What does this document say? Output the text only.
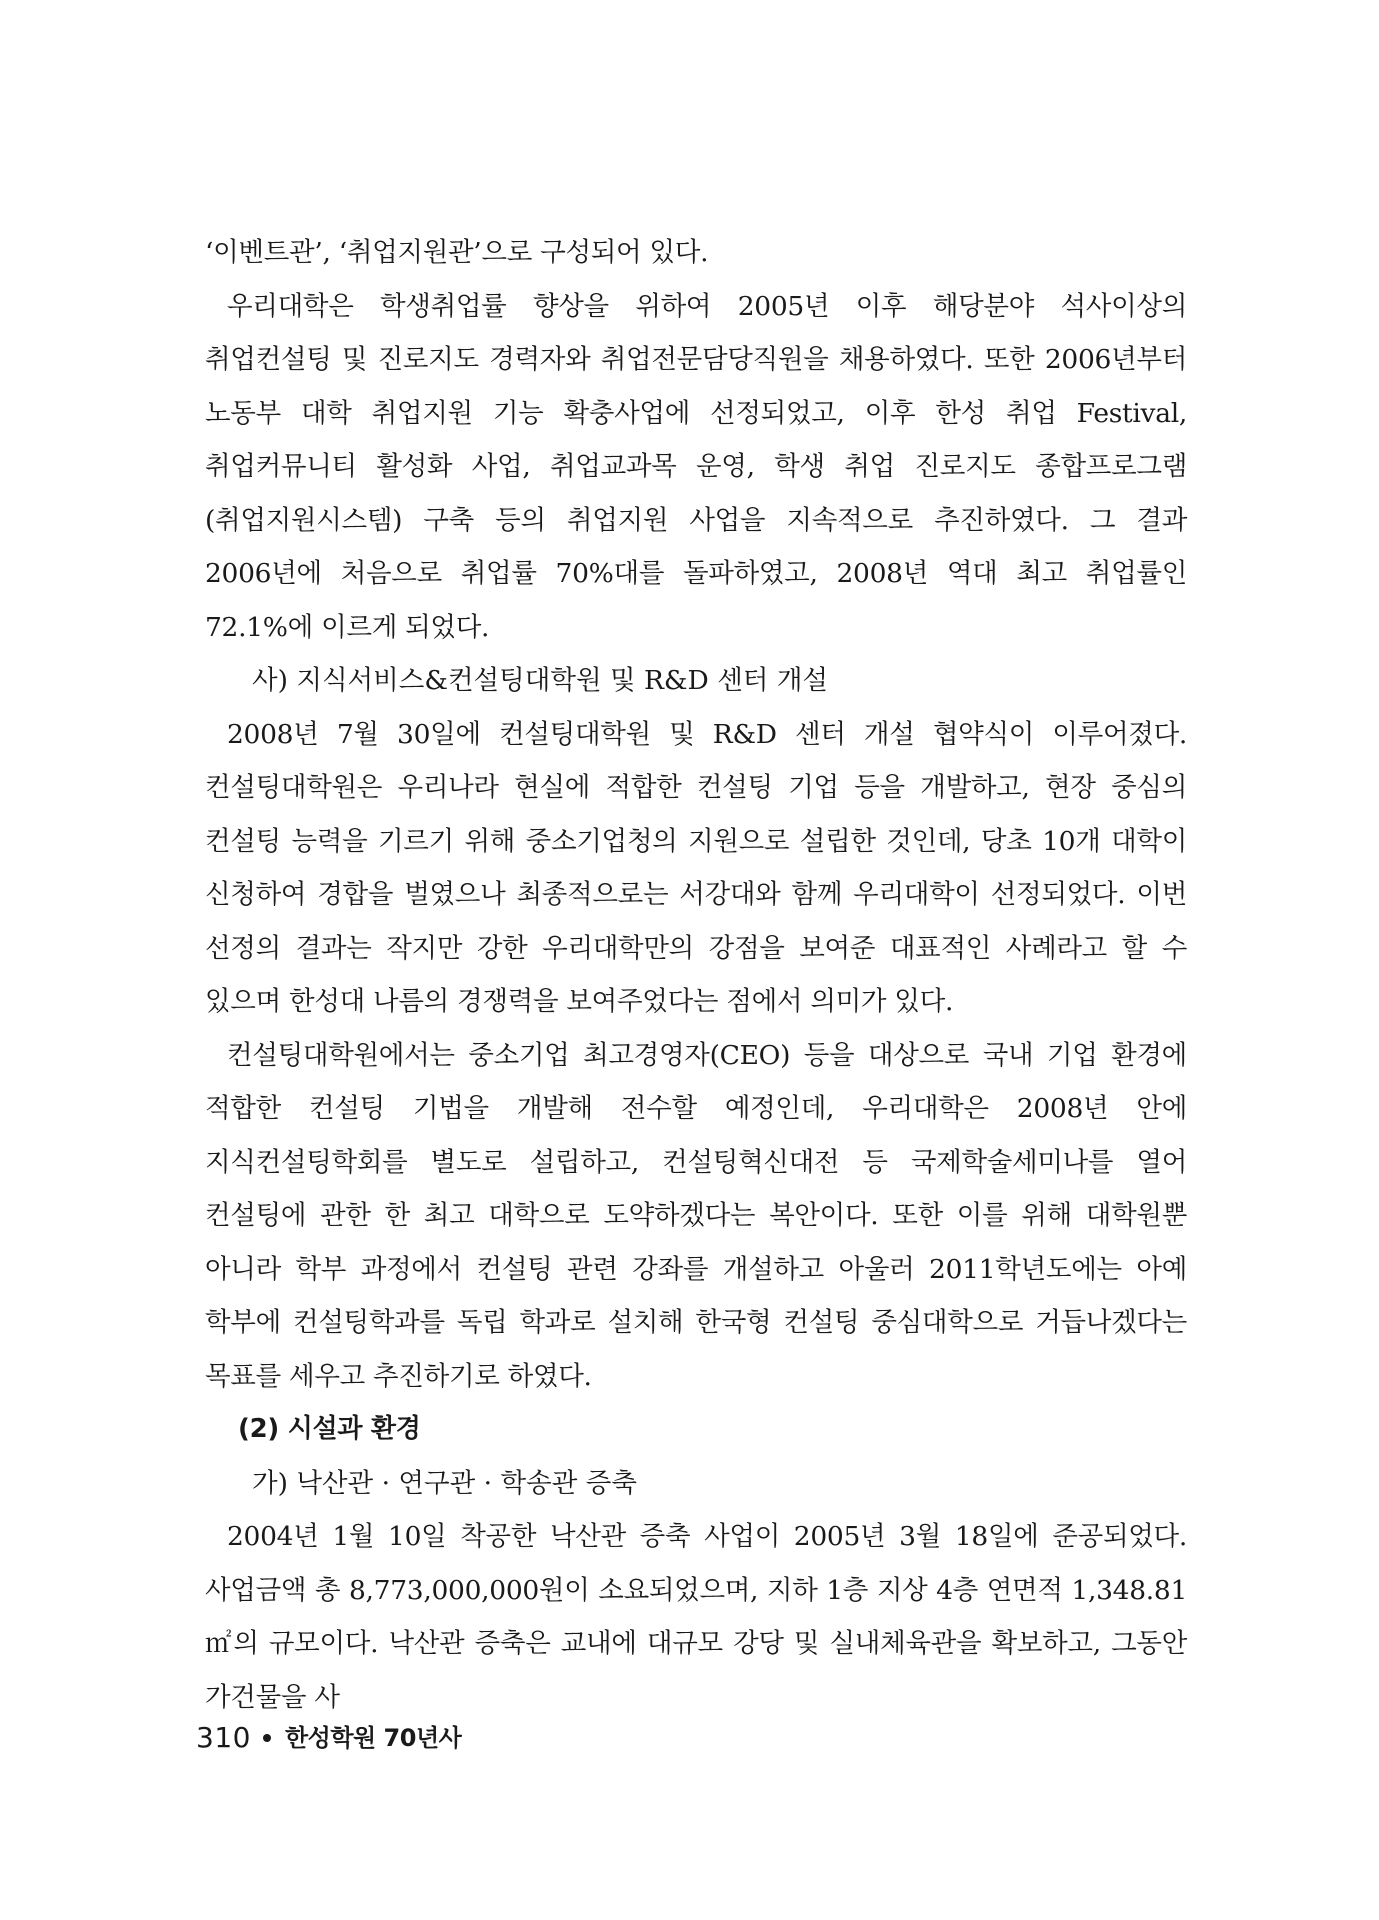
‘이벤트관’, ‘취업지원관’으로 구성되어 있다.

우리대학은 학생취업률 향상을 위하여 2005년 이후 해당분야 석사이상의 취업컨설팅 및 진로지도 경력자와 취업전문담당직원을 채용하였다. 또한 2006년부터 노동부 대학 취업지원 기능 확충사업에 선정되었고, 이후 한성 취업 Festival, 취업커뮤니티 활성화 사업, 취업교과목 운영, 학생 취업 진로지도 종합프로그램(취업지원시스템) 구축 등의 취업지원 사업을 지속적으로 추진하였다. 그 결과 2006년에 처음으로 취업률 70%대를 돌파하였고, 2008년 역대 최고 취업률인 72.1%에 이르게 되었다.

사) 지식서비스&컨설팅대학원 및 R&D 센터 개설

2008년 7월 30일에 컨설팅대학원 및 R&D 센터 개설 협약식이 이루어졌다. 컨설팅대학원은 우리나라 현실에 적합한 컨설팅 기업 등을 개발하고, 현장 중심의 컨설팅 능력을 기르기 위해 중소기업청의 지원으로 설립한 것인데, 당초 10개 대학이 신청하여 경합을 벌였으나 최종적으로는 서강대와 함께 우리대학이 선정되었다. 이번 선정의 결과는 작지만 강한 우리대학만의 강점을 보여준 대표적인 사례라고 할 수 있으며 한성대 나름의 경쟁력을 보여주었다는 점에서 의미가 있다.

컨설팅대학원에서는 중소기업 최고경영자(CEO) 등을 대상으로 국내 기업 환경에 적합한 컨설팅 기법을 개발해 전수할 예정인데, 우리대학은 2008년 안에 지식컨설팅학회를 별도로 설립하고, 컨설팅혁신대전 등 국제학술세미나를 열어 컨설팅에 관한 한 최고 대학으로 도약하겠다는 복안이다. 또한 이를 위해 대학원뿐 아니라 학부 과정에서 컨설팅 관련 강좌를 개설하고 아울러 2011학년도에는 아예 학부에 컨설팅학과를 독립 학과로 설치해 한국형 컨설팅 중심대학으로 거듭나겠다는 목표를 세우고 추진하기로 하였다.

(2) 시설과 환경

가) 낙산관 · 연구관 · 학송관 증축

2004년 1월 10일 착공한 낙산관 증축 사업이 2005년 3월 18일에 준공되었다. 사업금액 총 8,773,000,000원이 소요되었으며, 지하 1층 지상 4층 연면적 1,348.81㎡의 규모이다. 낙산관 증축은 교내에 대규모 강당 및 실내체육관을 확보하고, 그동안 가건물을 사

310 한성학원 70년사
